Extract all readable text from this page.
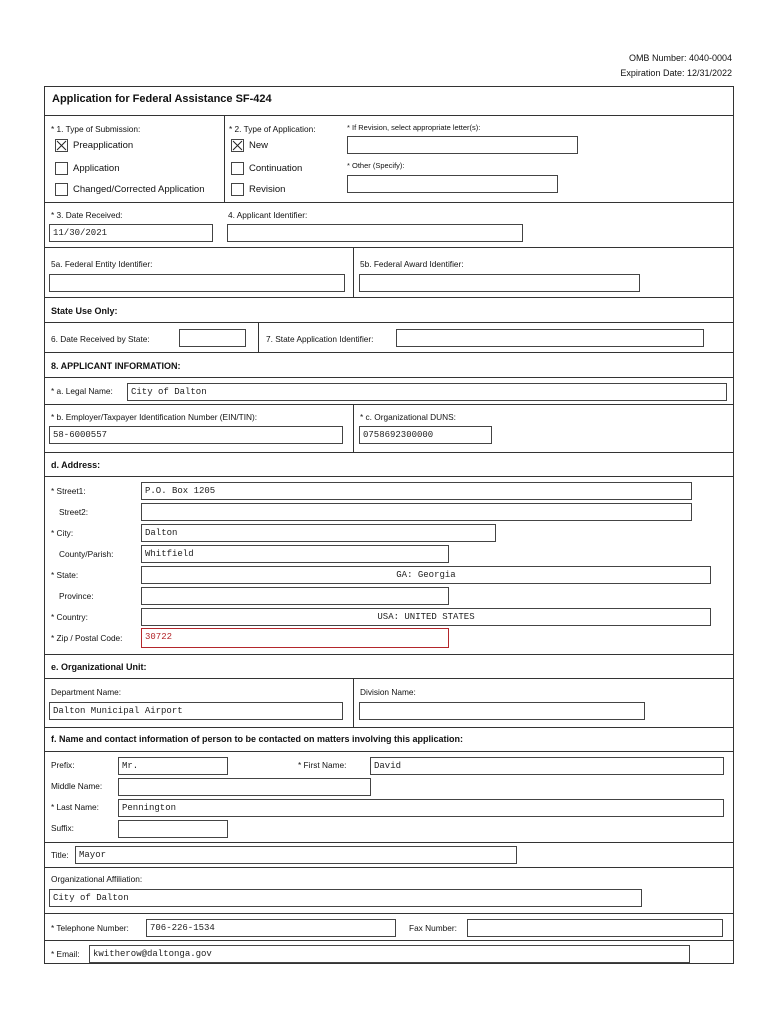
OMB Number: 4040-0004
Expiration Date: 12/31/2022
Application for Federal Assistance SF-424
* 1. Type of Submission:
Preapplication
Application
Changed/Corrected Application
* 2. Type of Application:
New
Continuation
Revision
* If Revision, select appropriate letter(s):
* Other (Specify):
* 3. Date Received:
11/30/2021
4. Applicant Identifier:
5a. Federal Entity Identifier:	5b. Federal Award Identifier:
State Use Only:
6. Date Received by State:	7. State Application Identifier:
8. APPLICANT INFORMATION:
* a. Legal Name:	City of Dalton
* b. Employer/Taxpayer Identification Number (EIN/TIN):
58-6000557
* c. Organizational DUNS:
0758692300000
d. Address:
* Street1:	P.O. Box 1205
Street2:
* City:	Dalton
County/Parish:	Whitfield
* State:	GA: Georgia
Province:
* Country:	USA: UNITED STATES
* Zip / Postal Code:	30722
e. Organizational Unit:
Department Name:
Dalton Municipal Airport
Division Name:
f. Name and contact information of person to be contacted on matters involving this application:
Prefix:	Mr.	* First Name:	David
Middle Name:
* Last Name:	Pennington
Suffix:
Title:	Mayor
Organizational Affiliation:
City of Dalton
* Telephone Number:	706-226-1534	Fax Number:
* Email:	kwitherow@daltonga.gov
